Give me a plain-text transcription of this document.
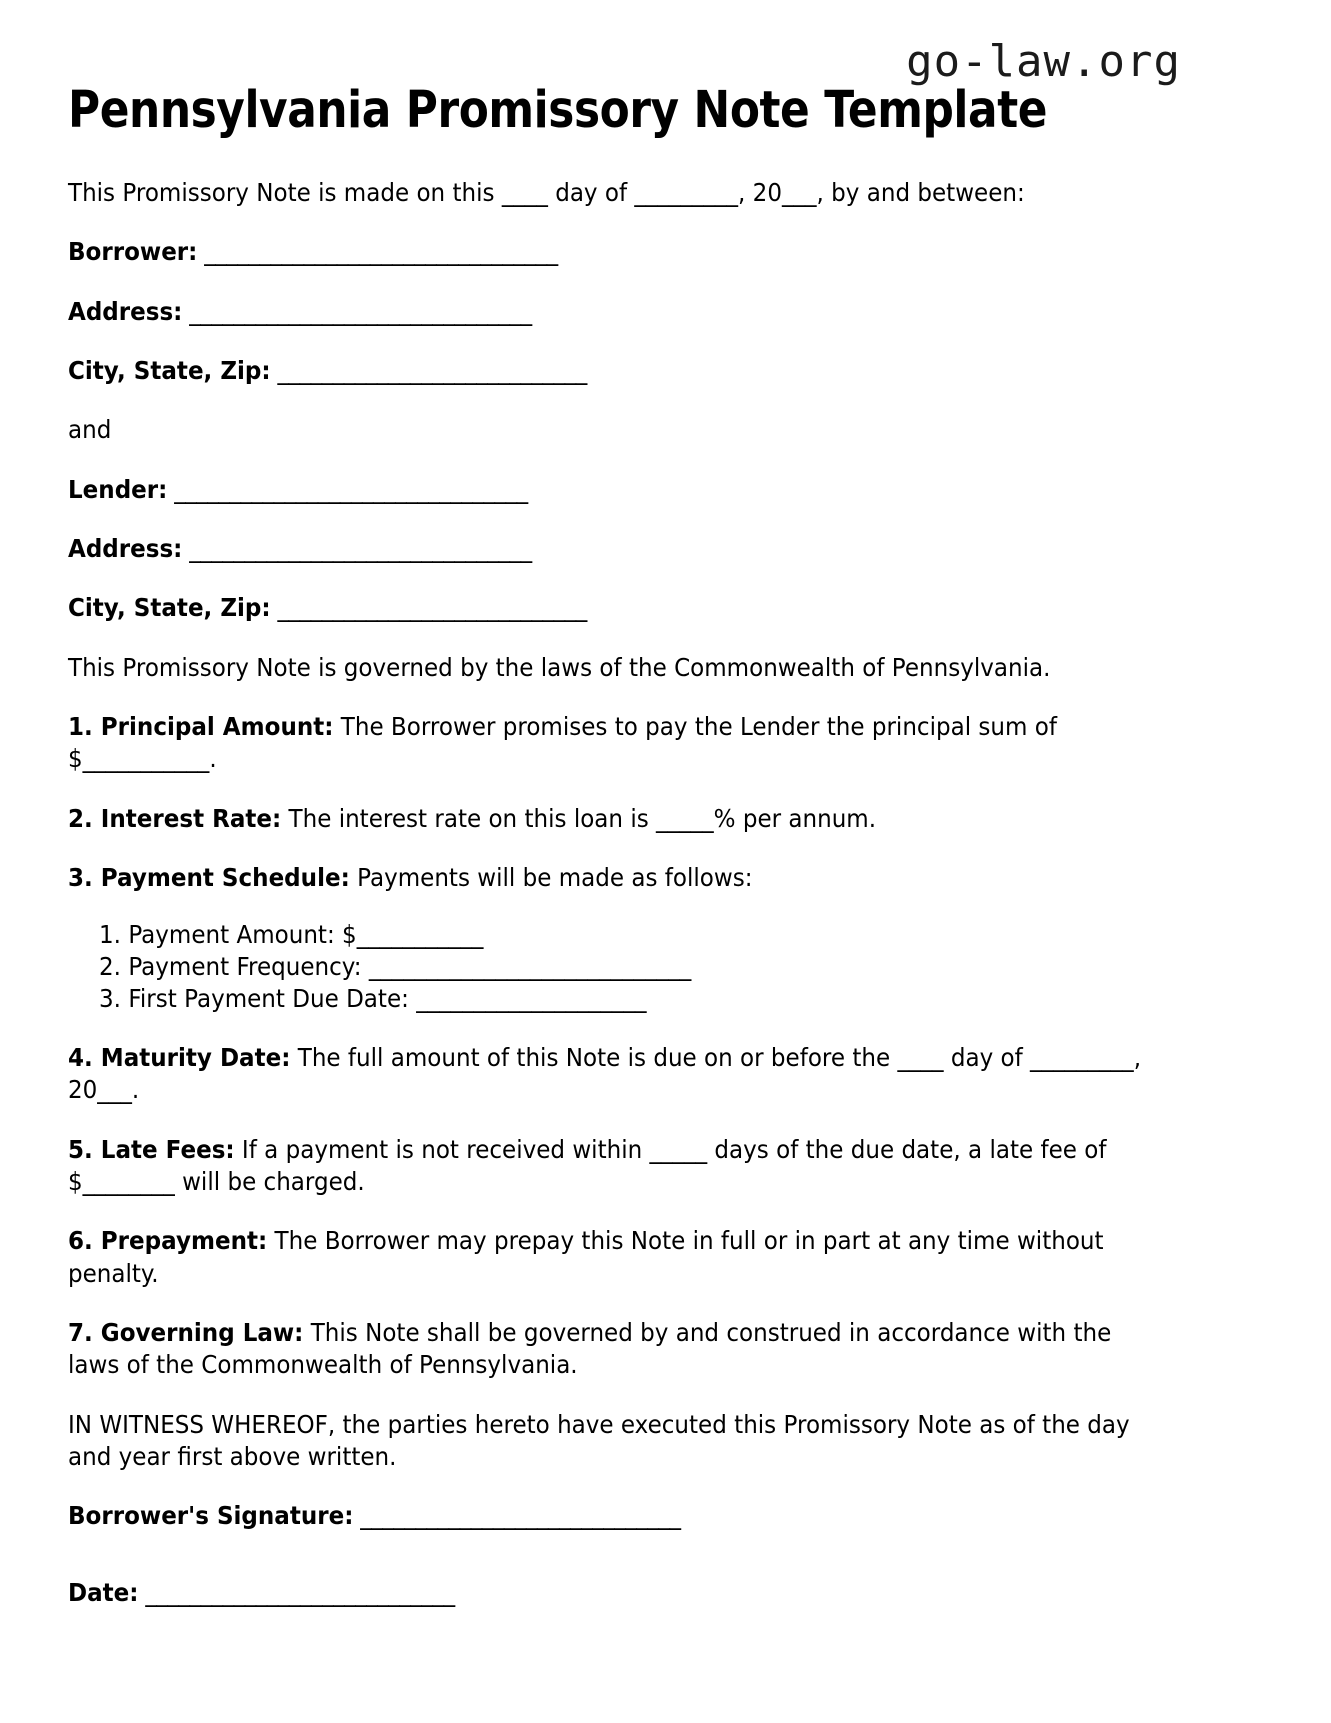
go-law.org
Pennsylvania Promissory Note Template

This Promissory Note is made on this ____ day of _________, 20___, by and between:

Borrower: ________________________________

Address: _______________________________

City, State, Zip: ____________________________

and

Lender: ________________________________

Address: _______________________________

City, State, Zip: ____________________________

This Promissory Note is governed by the laws of the Commonwealth of Pennsylvania.

1. Principal Amount: The Borrower promises to pay the Lender the principal sum of $___________.

2. Interest Rate: The interest rate on this loan is _____% per annum.

3. Payment Schedule: Payments will be made as follows:

1. Payment Amount: $___________
2. Payment Frequency: ____________________________
3. First Payment Due Date: ____________________

4. Maturity Date: The full amount of this Note is due on or before the ____ day of _________, 20___.

5. Late Fees: If a payment is not received within _____ days of the due date, a late fee of $________ will be charged.

6. Prepayment: The Borrower may prepay this Note in full or in part at any time without penalty.

7. Governing Law: This Note shall be governed by and construed in accordance with the laws of the Commonwealth of Pennsylvania.

IN WITNESS WHEREOF, the parties hereto have executed this Promissory Note as of the day and year first above written.

Borrower's Signature: _____________________________

Date: ____________________________
